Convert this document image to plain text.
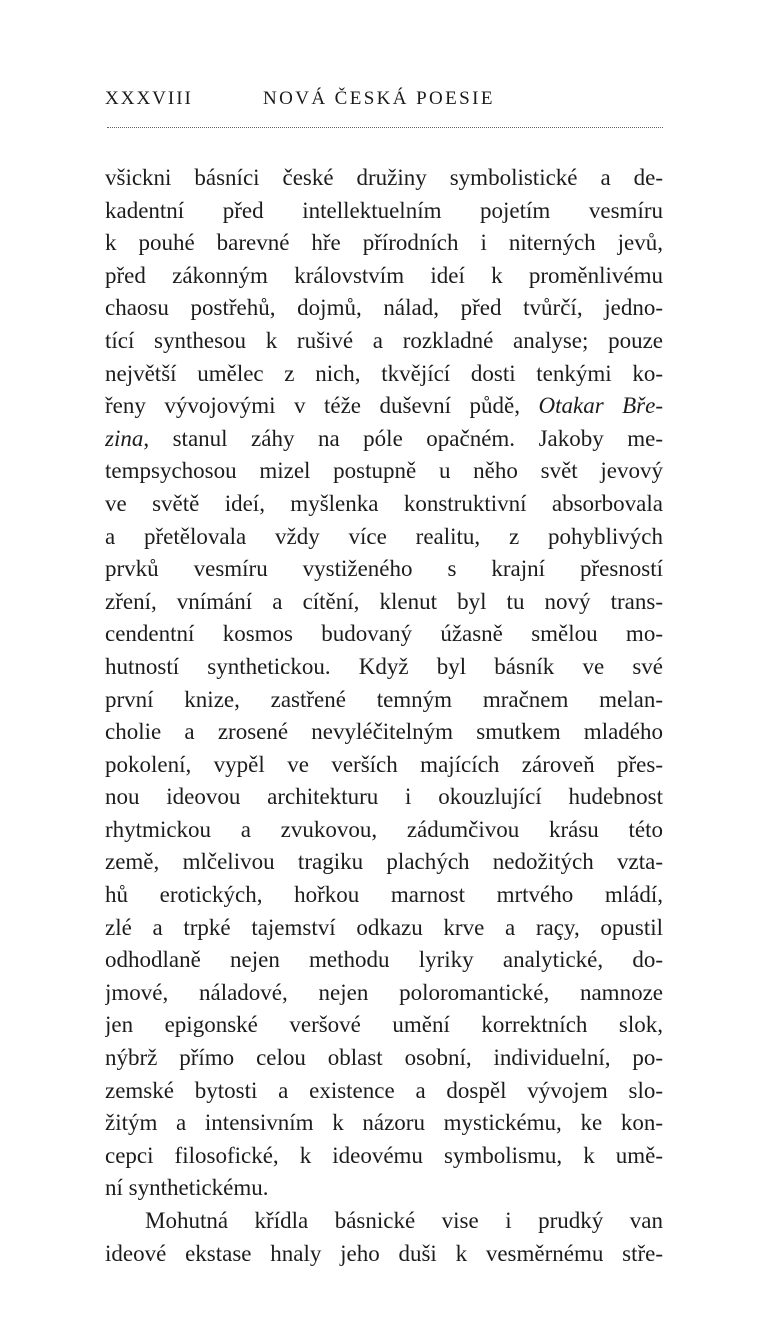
XXXVIII	NOVÁ ČESKÁ POESIE
všickni básníci české družiny symbolistické a de-
kadentní před intellektuelním pojetím vesmíru
k pouhé barevné hře přírodních i niterných jevů,
před zákonným královstvím ideí k proměnlivému
chaosu postřehů, dojmů, nálad, před tvůrčí, jedno-
tící synthesou k rušivé a rozkladné analyse; pouze
největší umělec z nich, tkvějící dosti tenkými ko-
řeny vývojovými v téže duševní půdě, Otakar Bře-
zina, stanul záhy na póle opačném. Jakoby me-
tempsychosou mizel postupně u něho svět jevový
ve světě ideí, myšlenka konstruktivní absorbovala
a přetělovala vždy více realitu, z pohyblivých
prvků vesmíru vystiženého s krajní přesností
zření, vnímání a cítění, klenut byl tu nový trans-
cendentní kosmos budovaný úžasně smělou mo-
hutností synthetickou. Když byl básník ve své
první knize, zastřené temným mračnem melan-
cholie a zrosené nevyléčitelným smutkem mladého
pokolení, vypěl ve verších majících zároveň přes-
nou ideovou architekturu i okouzlující hudebnost
rhytmickou a zvukovou, zádumčivou krásu této
země, mlčelivou tragiku plachých nedožitých vzta-
hů erotických, hořkou marnost mrtvého mládí,
zlé a trpké tajemství odkazu krve a raçy, opustil
odhodlaně nejen methodu lyriky analytické, do-
jmové, náladové, nejen poloromantické, namnoze
jen epigonské veršové umění korrektních slok,
nýbrž přímo celou oblast osobní, individuelní, po-
zemské bytosti a existence a dospěl vývojem slo-
žitým a intensivním k názoru mystickému, ke kon-
cepci filosofické, k ideovému symbolismu, k umě-
ní synthetickému.
Mohutná křídla básnické vise i prudký van
ideové ekstase hnaly jeho duši k vesměrnému stře-
